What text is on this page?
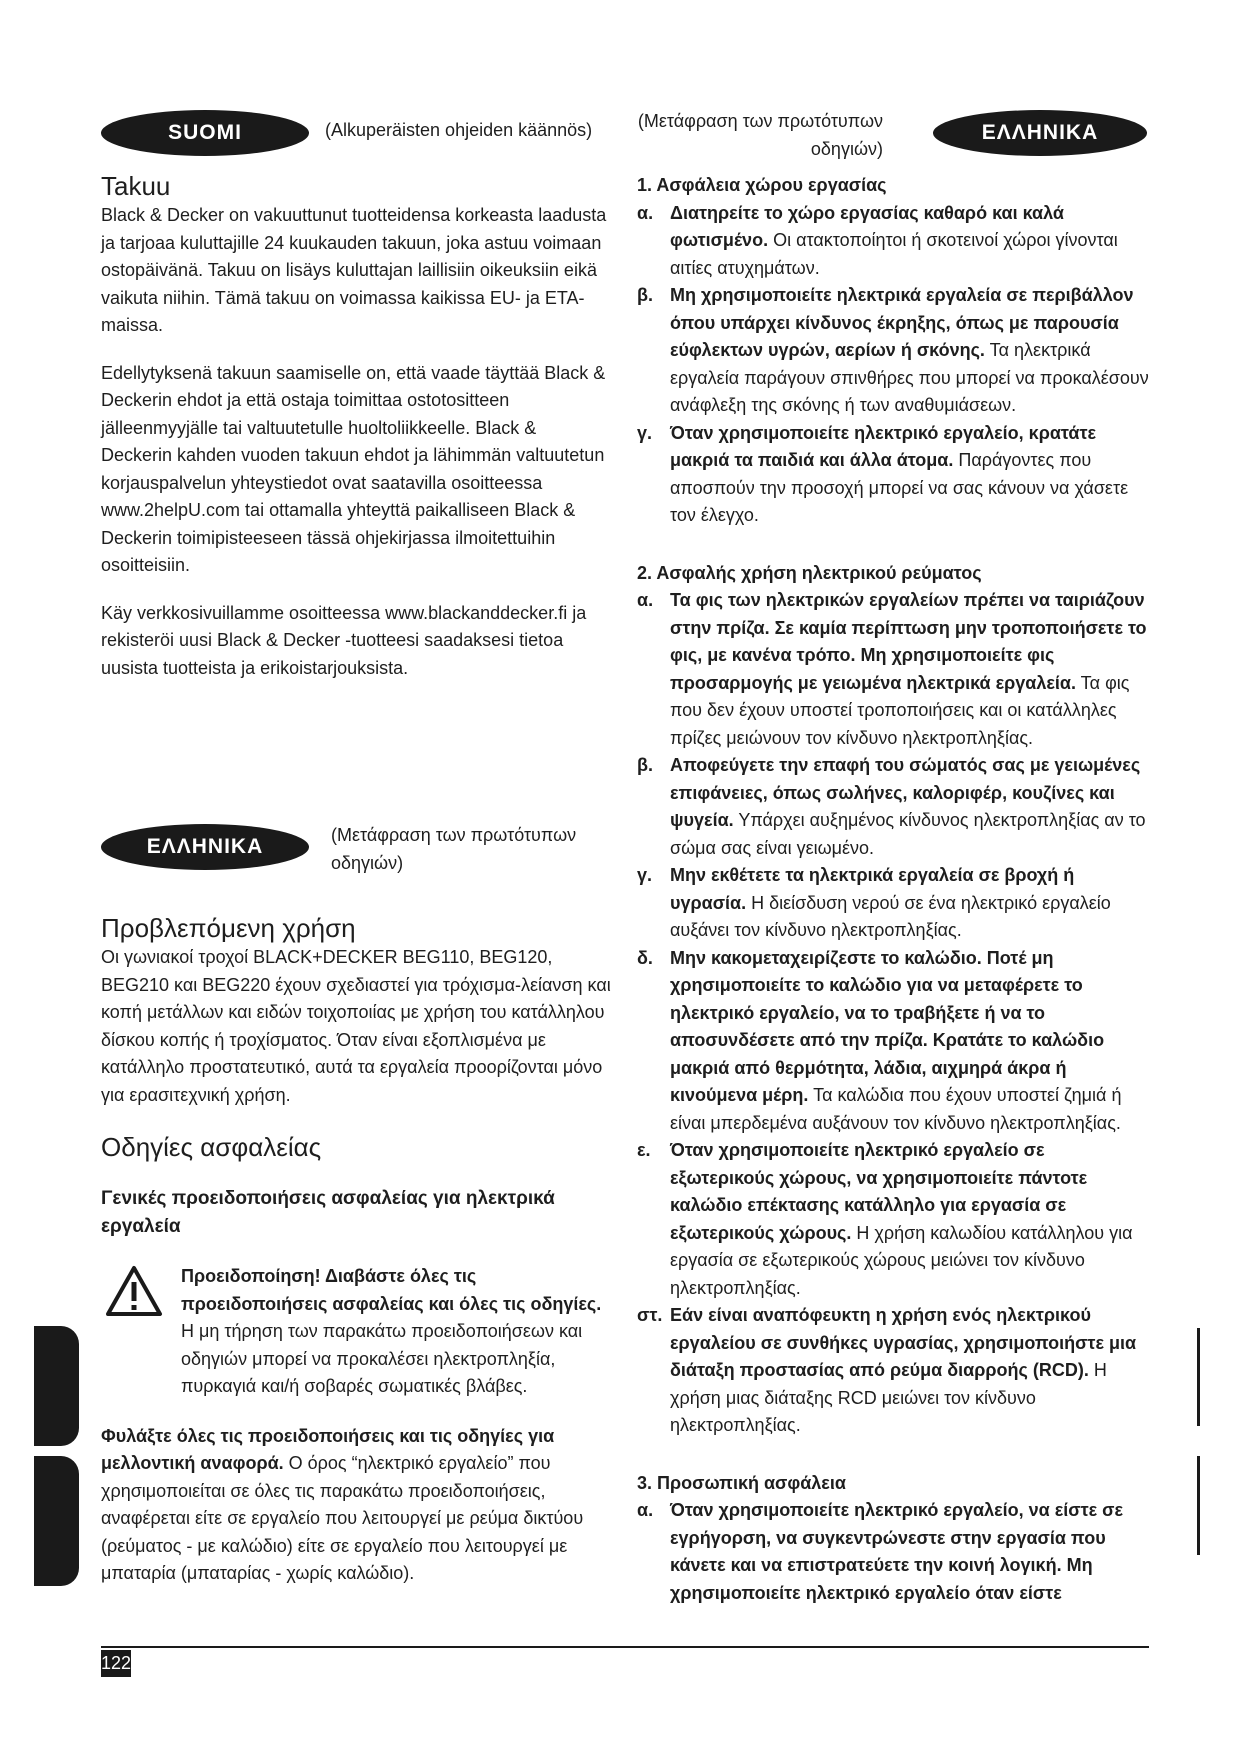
SUOMI	(Alkuperäisten ohjeiden käännös)
Takuu

Black & Decker on vakuuttunut tuotteidensa korkeasta laadusta ja tarjoaa kuluttajille 24 kuukauden takuun, joka astuu voimaan ostopäivänä. Takuu on lisäys kuluttajan laillisiin oikeuksiin eikä vaikuta niihin. Tämä takuu on voimassa kaikissa EU- ja ETA-maissa.

Edellytyksenä takuun saamiselle on, että vaade täyttää Black & Deckerin ehdot ja että ostaja toimittaa ostotositteen jälleenmyyjälle tai valtuutetulle huoltoliikkeelle. Black & Deckerin kahden vuoden takuun ehdot ja lähimmän valtuutetun korjauspalvelun yhteystiedot ovat saatavilla osoitteessa www.2helpU.com tai ottamalla yhteyttä paikalliseen Black & Deckerin toimipisteeseen tässä ohjekirjassa ilmoitettuihin osoitteisiin.

Käy verkkosivuillamme osoitteessa www.blackanddecker.fi ja rekisteröi uusi Black & Decker -tuotteesi saadaksesi tietoa uusista tuotteista ja erikoistarjouksista.

ΕΛΛΗΝΙΚΑ	(Μετάφραση των πρωτότυπων οδηγιών)
Προβλεπόμενη χρήση

Οι γωνιακοί τροχοί BLACK+DECKER BEG110, BEG120, BEG210 και BEG220 έχουν σχεδιαστεί για τρόχισμα-λείανση και κοπή μετάλλων και ειδών τοιχοποιίας με χρήση του κατάλληλου δίσκου κοπής ή τροχίσματος. Όταν είναι εξοπλισμένα με κατάλληλο προστατευτικό, αυτά τα εργαλεία προορίζονται μόνο για ερασιτεχνική χρήση.

Οδηγίες ασφαλείας

Γενικές προειδοποιήσεις ασφαλείας για ηλεκτρικά εργαλεία

Προειδοποίηση! Διαβάστε όλες τις προειδοποιήσεις ασφαλείας και όλες τις οδηγίες. Η μη τήρηση των παρακάτω προειδοποιήσεων και οδηγιών μπορεί να προκαλέσει ηλεκτροπληξία, πυρκαγιά και/ή σοβαρές σωματικές βλάβες.

Φυλάξτε όλες τις προειδοποιήσεις και τις οδηγίες για μελλοντική αναφορά. Ο όρος “ηλεκτρικό εργαλείο” που χρησιμοποιείται σε όλες τις παρακάτω προειδοποιήσεις, αναφέρεται είτε σε εργαλείο που λειτουργεί με ρεύμα δικτύου (ρεύματος - με καλώδιο) είτε σε εργαλείο που λειτουργεί με μπαταρία (μπαταρίας - χωρίς καλώδιο).

(Μετάφραση των πρωτότυπων οδηγιών)
ΕΛΛΗΝΙΚΑ

1. Ασφάλεια χώρου εργασίας

α. Διατηρείτε το χώρο εργασίας καθαρό και καλά φωτισμένο. Οι ατακτοποίητοι ή σκοτεινοί χώροι γίνονται αιτίες ατυχημάτων.

β. Μη χρησιμοποιείτε ηλεκτρικά εργαλεία σε περιβάλλον όπου υπάρχει κίνδυνος έκρηξης, όπως με παρουσία εύφλεκτων υγρών, αερίων ή σκόνης. Τα ηλεκτρικά εργαλεία παράγουν σπινθήρες που μπορεί να προκαλέσουν ανάφλεξη της σκόνης ή των αναθυμιάσεων.

γ. Όταν χρησιμοποιείτε ηλεκτρικό εργαλείο, κρατάτε μακριά τα παιδιά και άλλα άτομα. Παράγοντες που αποσπούν την προσοχή μπορεί να σας κάνουν να χάσετε τον έλεγχο.

2. Ασφαλής χρήση ηλεκτρικού ρεύματος

α. Τα φις των ηλεκτρικών εργαλείων πρέπει να ταιριάζουν στην πρίζα. Σε καμία περίπτωση μην τροποποιήσετε το φις, με κανένα τρόπο. Μη χρησιμοποιείτε φις προσαρμογής με γειωμένα ηλεκτρικά εργαλεία. Τα φις που δεν έχουν υποστεί τροποποιήσεις και οι κατάλληλες πρίζες μειώνουν τον κίνδυνο ηλεκτροπληξίας.

β. Αποφεύγετε την επαφή του σώματός σας με γειωμένες επιφάνειες, όπως σωλήνες, καλοριφέρ, κουζίνες και ψυγεία. Υπάρχει αυξημένος κίνδυνος ηλεκτροπληξίας αν το σώμα σας είναι γειωμένο.

γ. Μην εκθέτετε τα ηλεκτρικά εργαλεία σε βροχή ή υγρασία. Η διείσδυση νερού σε ένα ηλεκτρικό εργαλείο αυξάνει τον κίνδυνο ηλεκτροπληξίας.

δ. Μην κακομεταχειρίζεστε το καλώδιο. Ποτέ μη χρησιμοποιείτε το καλώδιο για να μεταφέρετε το ηλεκτρικό εργαλείο, να το τραβήξετε ή να το αποσυνδέσετε από την πρίζα. Κρατάτε το καλώδιο μακριά από θερμότητα, λάδια, αιχμηρά άκρα ή κινούμενα μέρη. Τα καλώδια που έχουν υποστεί ζημιά ή είναι μπερδεμένα αυξάνουν τον κίνδυνο ηλεκτροπληξίας.

ε. Όταν χρησιμοποιείτε ηλεκτρικό εργαλείο σε εξωτερικούς χώρους, να χρησιμοποιείτε πάντοτε καλώδιο επέκτασης κατάλληλο για εργασία σε εξωτερικούς χώρους. Η χρήση καλωδίου κατάλληλου για εργασία σε εξωτερικούς χώρους μειώνει τον κίνδυνο ηλεκτροπληξίας.

στ. Εάν είναι αναπόφευκτη η χρήση ενός ηλεκτρικού εργαλείου σε συνθήκες υγρασίας, χρησιμοποιήστε μια διάταξη προστασίας από ρεύμα διαρροής (RCD). Η χρήση μιας διάταξης RCD μειώνει τον κίνδυνο ηλεκτροπληξίας.

3. Προσωπική ασφάλεια

α. Όταν χρησιμοποιείτε ηλεκτρικό εργαλείο, να είστε σε εγρήγορση, να συγκεντρώνεστε στην εργασία που κάνετε και να επιστρατεύετε την κοινή λογική. Μη χρησιμοποιείτε ηλεκτρικό εργαλείο όταν είστε

122
